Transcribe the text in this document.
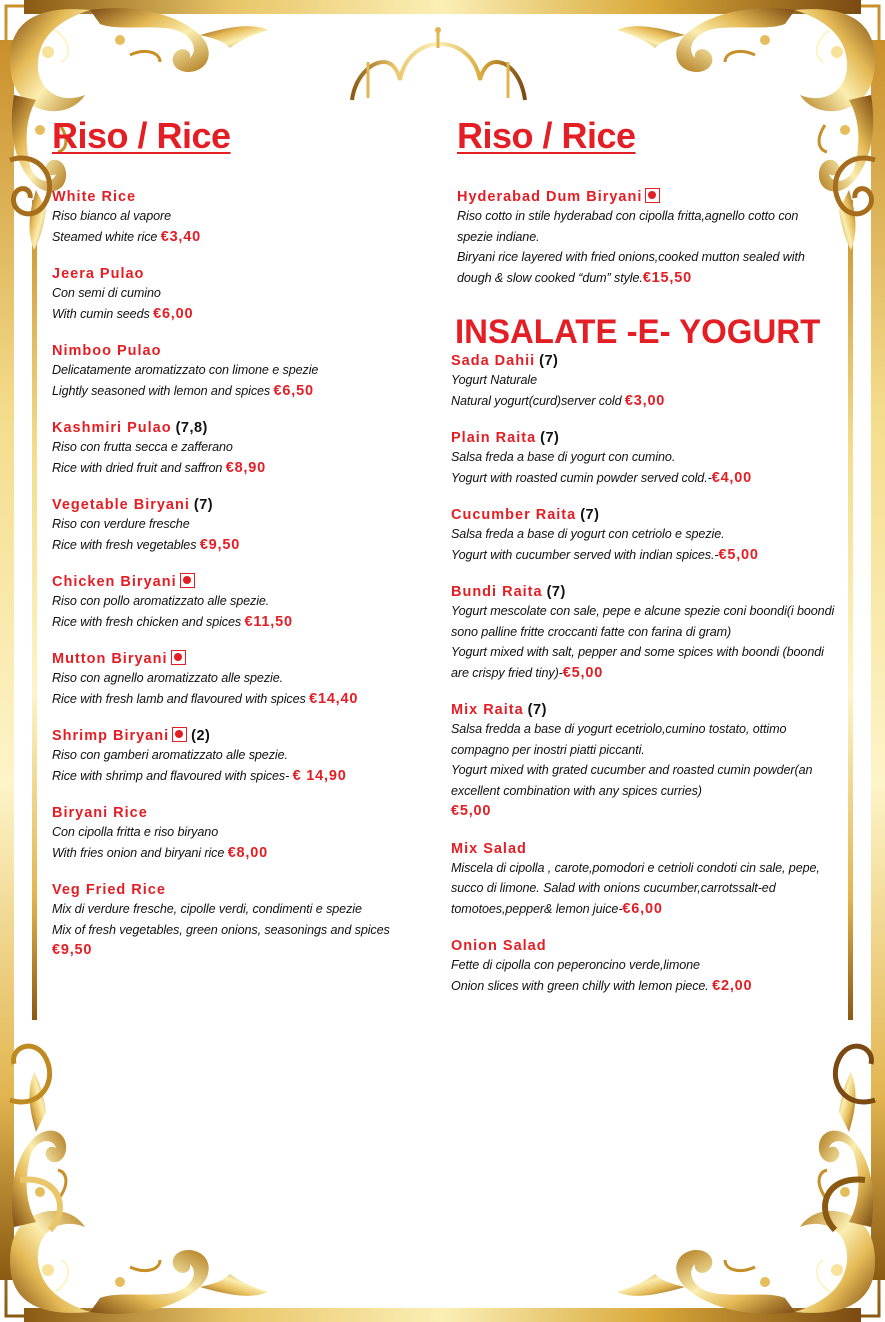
Riso / Rice
White Rice
Riso bianco al vapore
Steamed white rice €3,40
Jeera Pulao
Con semi di cumino
With cumin seeds €6,00
Nimboo Pulao
Delicatamente aromatizzato con limone e spezie
Lightly seasoned with lemon and spices €6,50
Kashmiri Pulao (7,8)
Riso con frutta secca e zafferano
Rice with dried fruit and saffron €8,90
Vegetable Biryani (7)
Riso con verdure fresche
Rice with fresh vegetables €9,50
Chicken Biryani
Riso con pollo aromatizzato alle spezie.
Rice with fresh chicken and spices €11,50
Mutton Biryani
Riso con agnello aromatizzato alle spezie.
Rice with fresh lamb and flavoured with spices €14,40
Shrimp Biryani (2)
Riso con gamberi aromatizzato alle spezie.
Rice with shrimp and flavoured with spices- € 14,90
Biryani Rice
Con cipolla fritta e riso biryano
With fries onion and biryani rice €8,00
Veg Fried Rice
Mix di verdure fresche, cipolle verdi, condimenti e spezie
Mix of fresh vegetables, green onions, seasonings and spices
€9,50
Riso / Rice
Hyderabad Dum Biryani
Riso cotto in stile hyderabad con cipolla fritta,agnello cotto con spezie indiane.
Biryani rice layered with fried onions,cooked mutton sealed with dough & slow cooked “dum” style.€15,50
INSALATE -E- YOGURT
Sada Dahii (7)
Yogurt Naturale
Natural yogurt(curd)server cold €3,00
Plain Raita (7)
Salsa freda a base di yogurt con cumino.
Yogurt with roasted cumin powder served cold.-€4,00
Cucumber Raita (7)
Salsa freda a base di yogurt con cetriolo e spezie.
Yogurt with cucumber served with indian spices.-€5,00
Bundi Raita (7)
Yogurt mescolate con sale, pepe e alcune spezie coni boondi(i boondi sono palline fritte croccanti fatte con farina di gram)
Yogurt mixed with salt, pepper and some spices with boondi (boondi are crispy fried tiny)-€5,00
Mix Raita (7)
Salsa fredda a base di yogurt ecetriolo,cumino tostato, ottimo compagno per inostri piatti piccanti.
Yogurt mixed with grated cucumber and roasted cumin powder(an excellent combination with any spices curries)
€5,00
Mix Salad
Miscela di cipolla , carote,pomodori e cetrioli condoti cin sale, pepe, succo di limone. Salad with onions cucumber,carrotssalt-ed tomotoes,pepper& lemon juice-€6,00
Onion Salad
Fette di cipolla con peperoncino verde,limone
Onion slices with green chilly with lemon piece. €2,00
